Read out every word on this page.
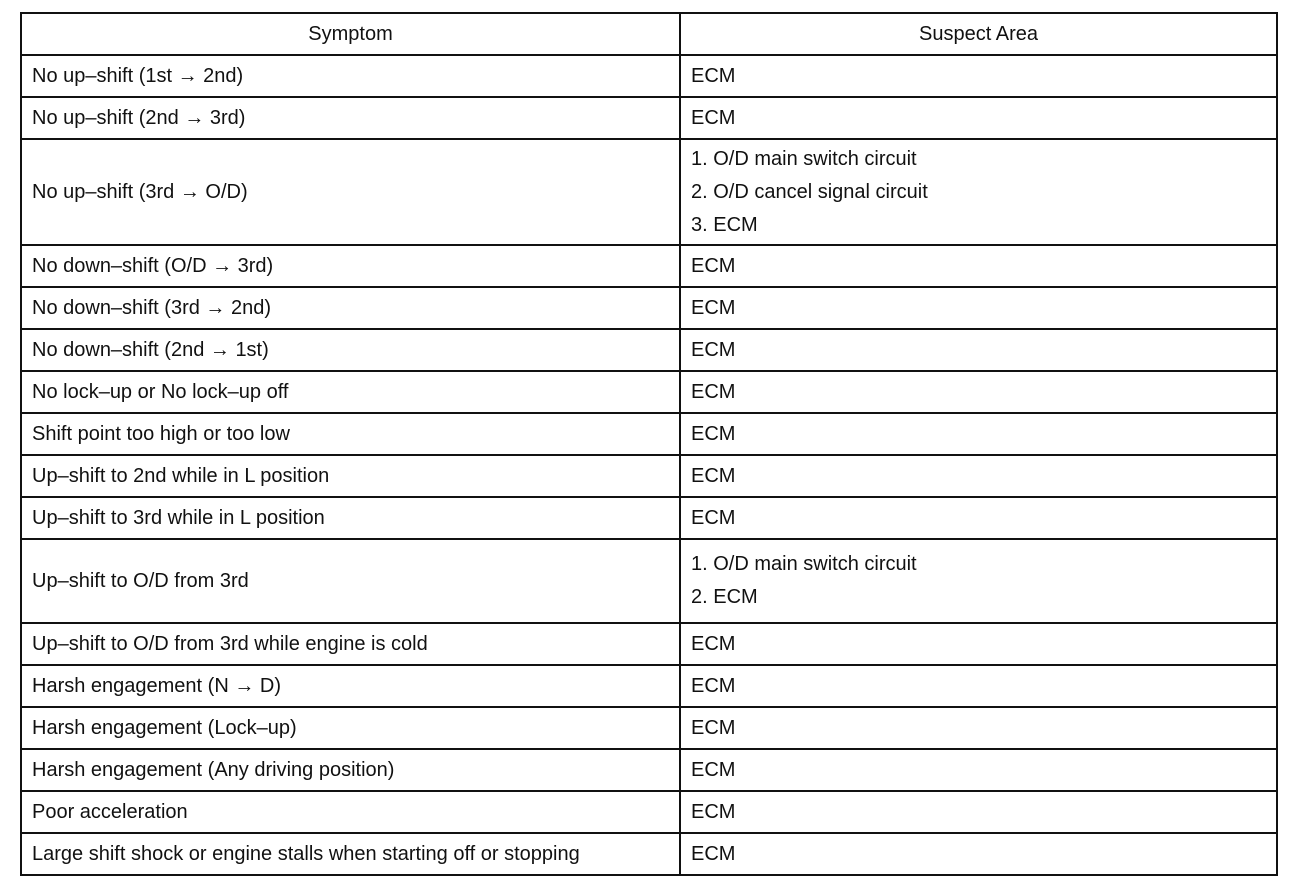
Symptom	Suspect Area
No up–shift (1st → 2nd)	ECM

No up–shift (2nd → 3rd)	ECM

No up–shift (3rd → O/D)	1. O/D main switch circuit
2. O/D cancel signal circuit
3. ECM

No down–shift (O/D → 3rd)	ECM

No down–shift (3rd → 2nd)	ECM

No down–shift (2nd → 1st)	ECM

No lock–up or No lock–up off	ECM

Shift point too high or too low	ECM

Up–shift to 2nd while in L position	ECM

Up–shift to 3rd while in L position	ECM

Up–shift to O/D from 3rd	1. O/D main switch circuit
2. ECM

Up–shift to O/D from 3rd while engine is cold	ECM

Harsh engagement (N → D)	ECM

Harsh engagement (Lock–up)	ECM

Harsh engagement (Any driving position)	ECM

Poor acceleration	ECM

Large shift shock or engine stalls when starting off or stopping	ECM
